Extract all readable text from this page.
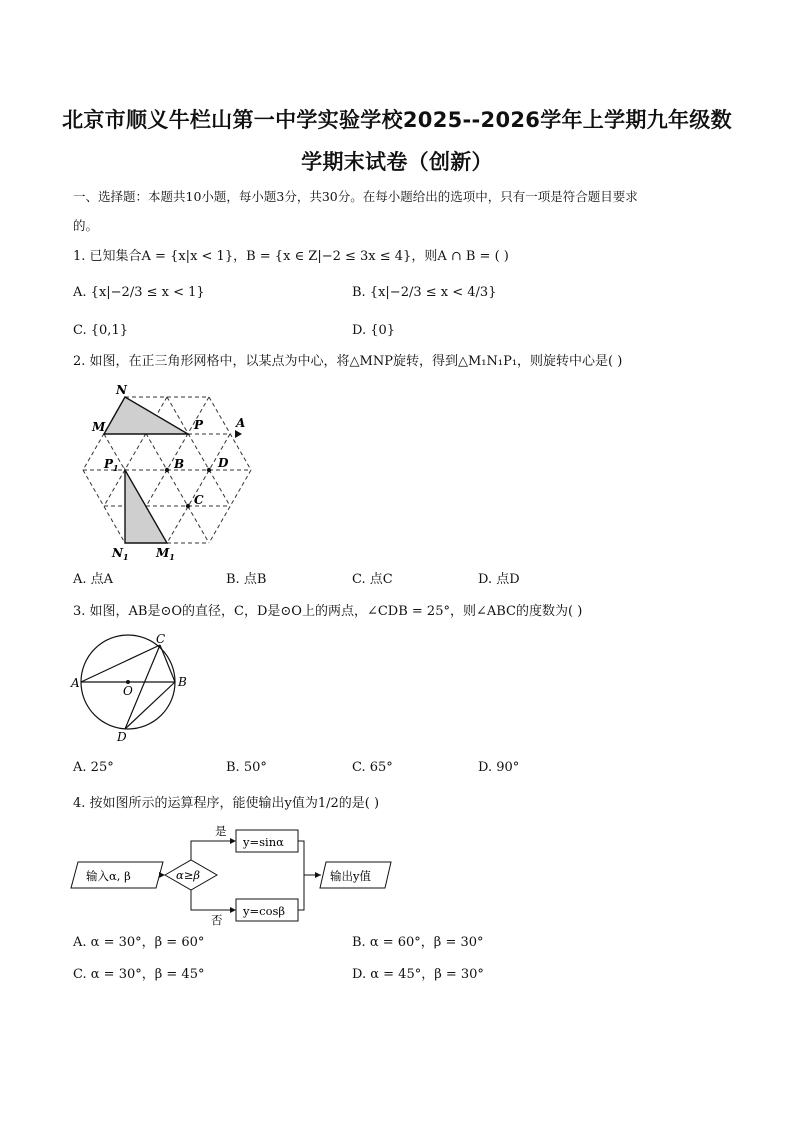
北京市顺义牛栏山第一中学实验学校2025--2026学年上学期九年级数
学期末试卷（创新）
一、选择题：本题共10小题，每小题3分，共30分。在每小题给出的选项中，只有一项是符合题目要求
的。
1. 已知集合A = {x|x < 1}，B = {x ∈ Z|−2 ≤ 3x ≤ 4}，则A ∩ B = ( )
A. {x|−2/3 ≤ x < 1}	B. {x|−2/3 ≤ x < 4/3}
C. {0,1}	D. {0}
2. 如图，在正三角形网格中，以某点为中心，将△MNP旋转，得到△M₁N₁P₁，则旋转中心是( )
N
M	P	A
$P_1$	B	D
C
$N_1$ $M_1$
A. 点A	B. 点B	C. 点C	D. 点D
3. 如图，AB是⊙O的直径，C，D是⊙O上的两点，∠CDB = 25°，则∠ABC的度数为( )
A	B
C
D
O
A. 25°	B. 50°	C. 65°	D. 90°
4. 按如图所示的运算程序，能使输出y值为1/2的是( )
输入α, β	α≥β
是
否
y=sinα
y=cosβ
输出y值
A. α = 30°，β = 60°	B. α = 60°，β = 30°
C. α = 30°，β = 45°	D. α = 45°，β = 30°
